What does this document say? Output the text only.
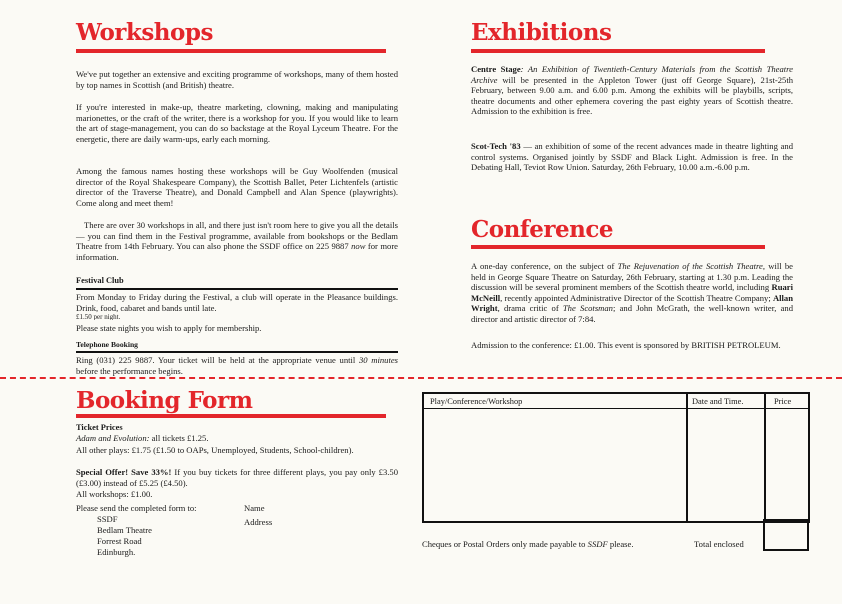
Workshops
We've put together an extensive and exciting programme of workshops, many of them hosted by top names in Scottish (and British) theatre.
If you're interested in make-up, theatre marketing, clowning, making and manipulating marionettes, or the craft of the writer, there is a workshop for you. If you would like to learn the art of stage-management, you can do so backstage at the Royal Lyceum Theatre. For the energetic, there are daily warm-ups, early each morning.
Among the famous names hosting these workshops will be Guy Woolfenden (musical director of the Royal Shakespeare Company), the Scottish Ballet, Peter Lichtenfels (artistic director of the Traverse Theatre), and Donald Campbell and Alan Spence (playwrights). Come along and meet them!
There are over 30 workshops in all, and there just isn't room here to give you all the details — you can find them in the Festival programme, available from bookshops or the Bedlam Theatre from 14th February. You can also phone the SSDF office on 225 9887 now for more information.
Festival Club
From Monday to Friday during the Festival, a club will operate in the Pleasance buildings. Drink, food, cabaret and bands until late.
£1.50 per night.
Please state nights you wish to apply for membership.
Telephone Booking
Ring (031) 225 9887. Your ticket will be held at the appropriate venue until 30 minutes before the performance begins.
Exhibitions
Centre Stage: An Exhibition of Twentieth-Century Materials from the Scottish Theatre Archive will be presented in the Appleton Tower (just off George Square), 21st-25th February, between 9.00 a.m. and 6.00 p.m. Among the exhibits will be playbills, scripts, theatre documents and other ephemera covering the past eighty years of Scottish theatre. Admission to the exhibition is free.
Scot-Tech '83 — an exhibition of some of the recent advances made in theatre lighting and control systems. Organised jointly by SSDF and Black Light. Admission is free. In the Debating Hall, Teviot Row Union. Saturday, 26th February, 10.00 a.m.-6.00 p.m.
Conference
A one-day conference, on the subject of The Rejuvenation of the Scottish Theatre, will be held in George Square Theatre on Saturday, 26th February, starting at 1.30 p.m. Leading the discussion will be several prominent members of the Scottish theatre world, including Ruari McNeill, recently appointed Administrative Director of the Scottish Theatre Company; Allan Wright, drama critic of The Scotsman; and John McGrath, the well-known writer, and director and artistic director of 7:84.
Admission to the conference: £1.00. This event is sponsored by BRITISH PETROLEUM.
Booking Form
Ticket Prices
Adam and Evolution: all tickets £1.25.
All other plays: £1.75 (£1.50 to OAPs, Unemployed, Students, School-children).
Special Offer! Save 33%! If you buy tickets for three different plays, you pay only £3.50 (£3.00) instead of £5.25 (£4.50).
All workshops: £1.00.
Please send the completed form to:
SSDF
Bedlam Theatre
Forrest Road
Edinburgh.
Name
Address
Play/Conference/Workshop	Date and Time.	Price
Cheques or Postal Orders only made payable to SSDF please.	Total enclosed
